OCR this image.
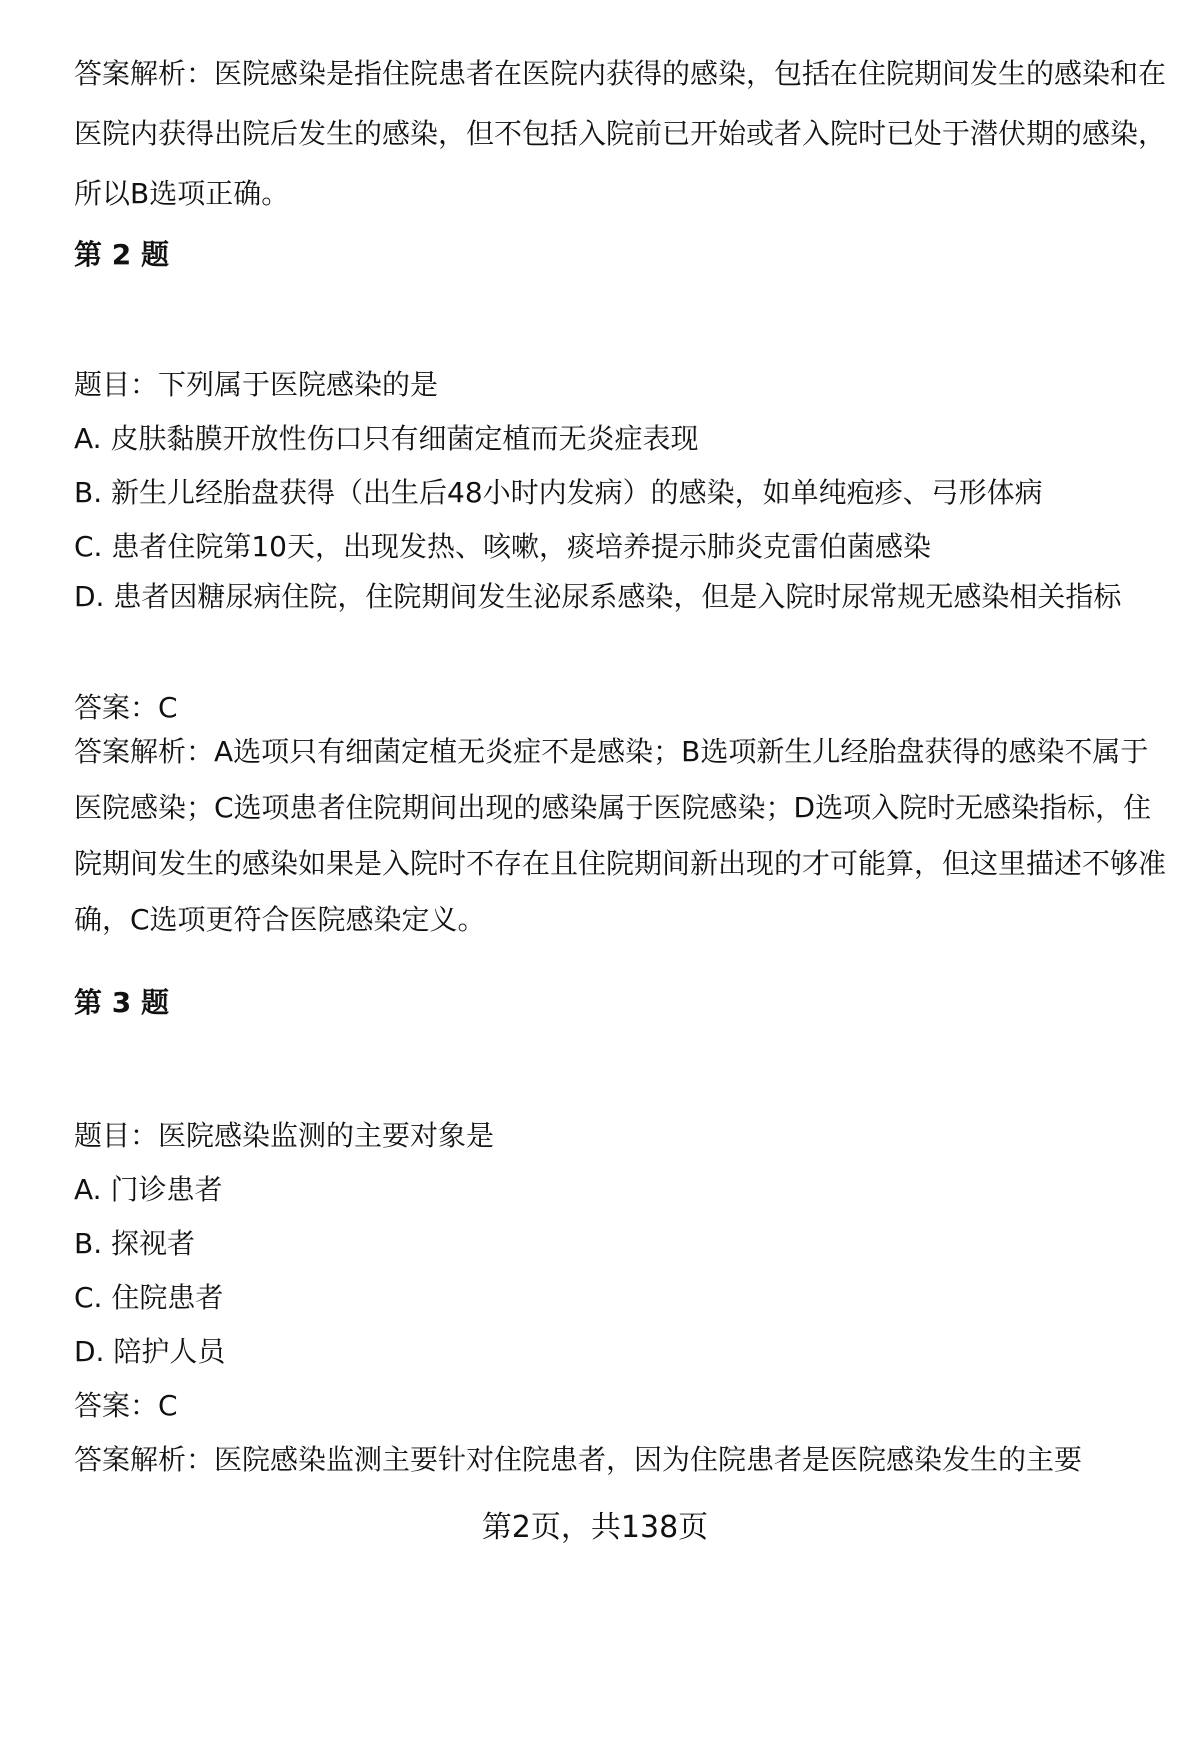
答案解析：医院感染是指住院患者在医院内获得的感染，包括在住院期间发生的感染和在医院内获得出院后发生的感染，但不包括入院前已开始或者入院时已处于潜伏期的感染，所以B选项正确。
第 2 题
题目：下列属于医院感染的是
A. 皮肤黏膜开放性伤口只有细菌定植而无炎症表现
B. 新生儿经胎盘获得（出生后48小时内发病）的感染，如单纯疱疹、弓形体病
C. 患者住院第10天，出现发热、咳嗽，痰培养提示肺炎克雷伯菌感染
D. 患者因糖尿病住院，住院期间发生泌尿系感染，但是入院时尿常规无感染相关指标
答案：C
答案解析：A选项只有细菌定植无炎症不是感染；B选项新生儿经胎盘获得的感染不属于医院感染；C选项患者住院期间出现的感染属于医院感染；D选项入院时无感染指标，住院期间发生的感染如果是入院时不存在且住院期间新出现的才可能算，但这里描述不够准确，C选项更符合医院感染定义。
第 3 题
题目：医院感染监测的主要对象是
A. 门诊患者
B. 探视者
C. 住院患者
D. 陪护人员
答案：C
答案解析：医院感染监测主要针对住院患者，因为住院患者是医院感染发生的主要
第2页，共138页
